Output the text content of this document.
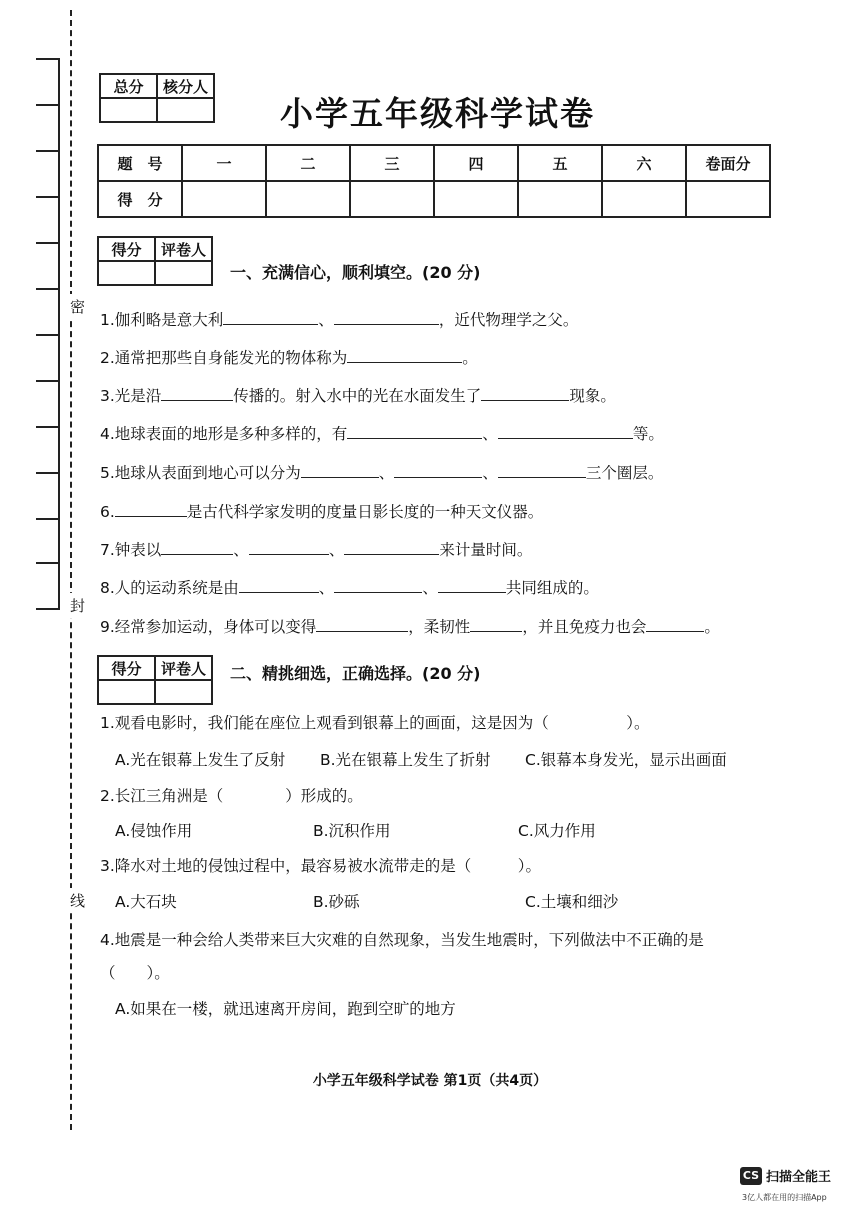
密
封
线
总分	核分人

小学五年级科学试卷
题　号	一	二	三	四	五	六	卷面分
得　分							
得分	评卷人

一、充满信心，顺利填空。(20 分)
1.伽利略是意大利	、	，近代物理学之父。
2.通常把那些自身能发光的物体称为	。
3.光是沿	传播的。射入水中的光在水面发生了	现象。
4.地球表面的地形是多种多样的，有	、	等。
5.地球从表面到地心可以分为	、	、	三个圈层。
6.	是古代科学家发明的度量日影长度的一种天文仪器。
7.钟表以	、	、	来计量时间。
8.人的运动系统是由	、	、	共同组成的。
9.经常参加运动，身体可以变得	，柔韧性	，并且免疫力也会	。
得分	评卷人
	二、精挑细选，正确选择。(20 分)
1.观看电影时，我们能在座位上观看到银幕上的画面，这是因为（　　　　　）。
A.光在银幕上发生了反射 B.光在银幕上发生了折射 C.银幕本身发光，显示出画面
2.长江三角洲是（　　　　）形成的。
A.侵蚀作用	B.沉积作用	C.风力作用
3.降水对土地的侵蚀过程中，最容易被水流带走的是（　　　）。
A.大石块	B.砂砾	C.土壤和细沙
4.地震是一种会给人类带来巨大灾难的自然现象，当发生地震时，下列做法中不正确的是
（　　）。
A.如果在一楼，就迅速离开房间，跑到空旷的地方
小学五年级科学试卷 第1页（共4页）
CS 扫描全能王
3亿人都在用的扫描App
